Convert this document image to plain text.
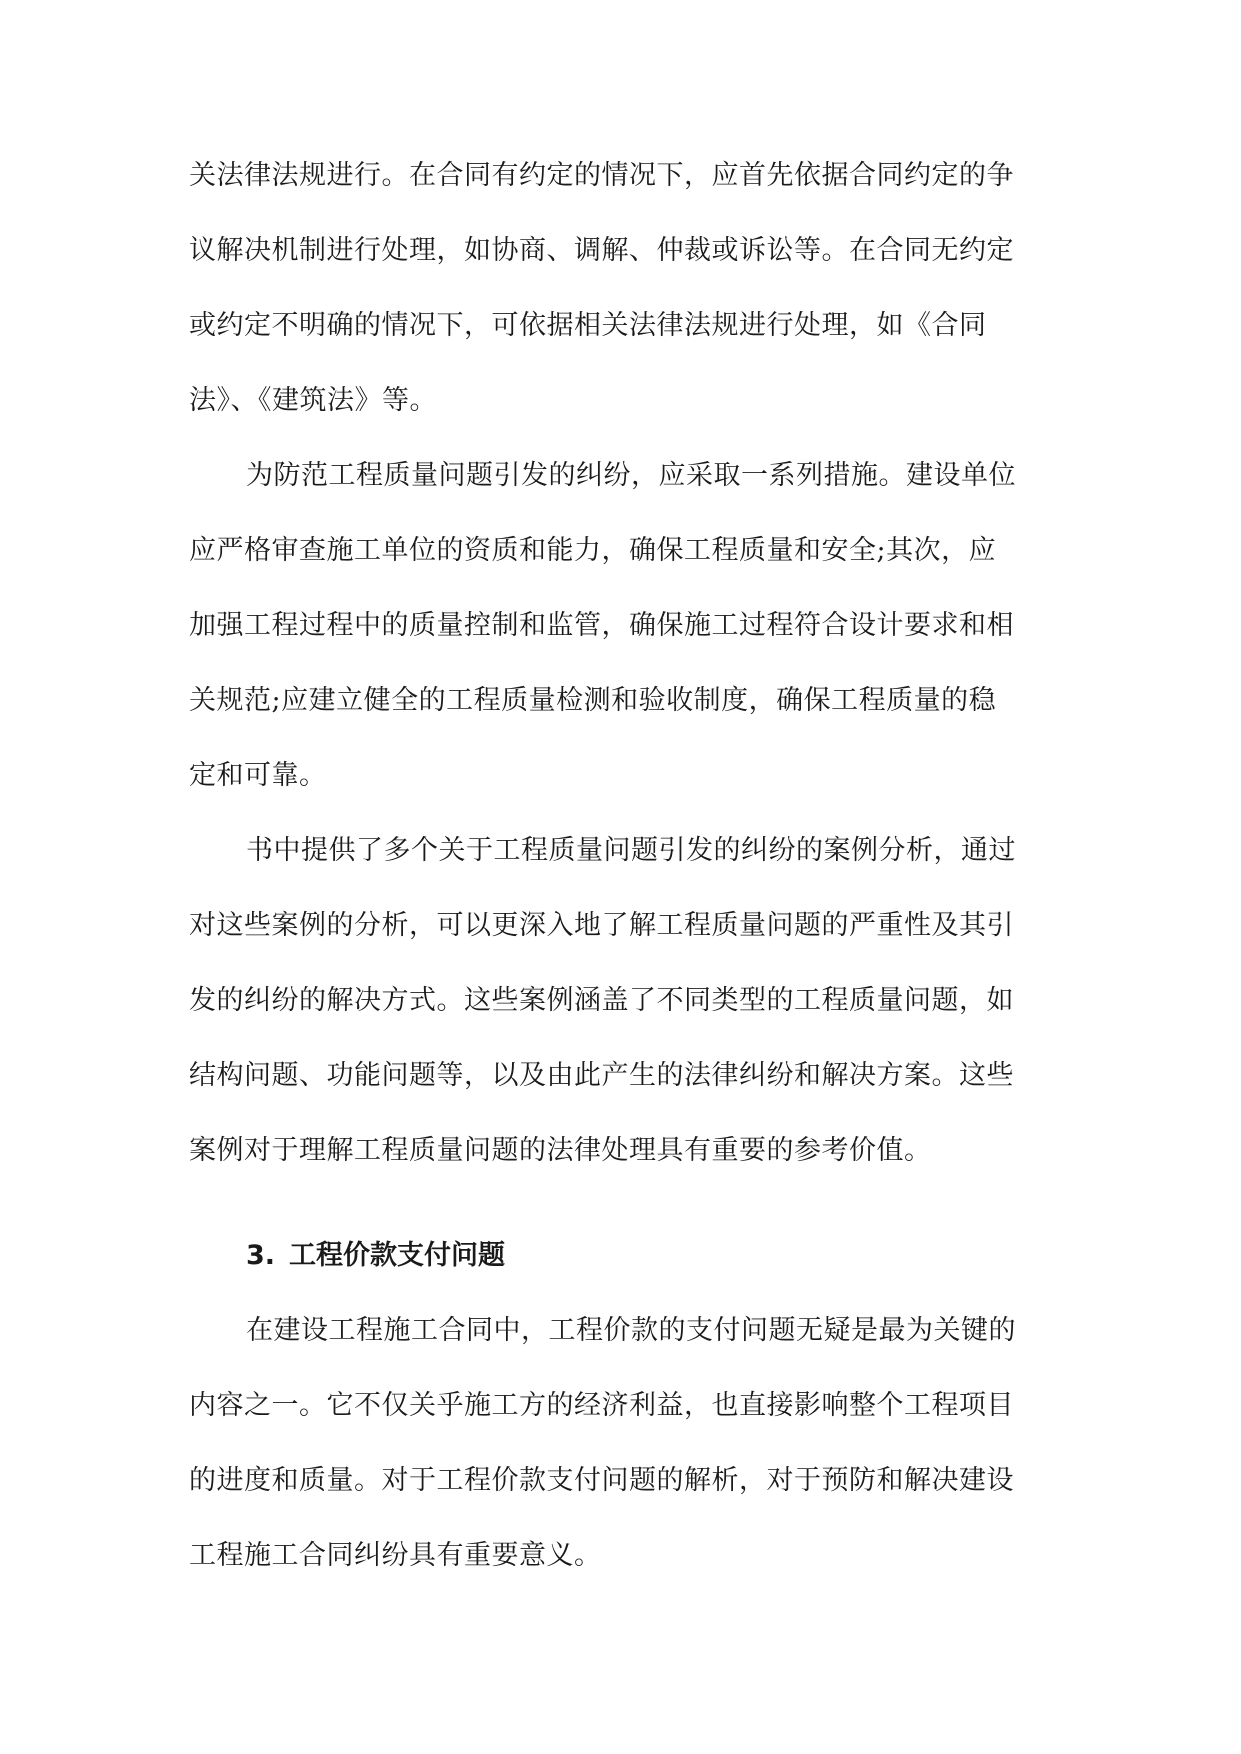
关法律法规进行。在合同有约定的情况下，应首先依据合同约定的争
议解决机制进行处理，如协商、调解、仲裁或诉讼等。在合同无约定
或约定不明确的情况下，可依据相关法律法规进行处理，如《合同
法》、《建筑法》等。
为防范工程质量问题引发的纠纷，应采取一系列措施。建设单位
应严格审查施工单位的资质和能力，确保工程质量和安全;其次，应
加强工程过程中的质量控制和监管，确保施工过程符合设计要求和相
关规范;应建立健全的工程质量检测和验收制度，确保工程质量的稳
定和可靠。
书中提供了多个关于工程质量问题引发的纠纷的案例分析，通过
对这些案例的分析，可以更深入地了解工程质量问题的严重性及其引
发的纠纷的解决方式。这些案例涵盖了不同类型的工程质量问题，如
结构问题、功能问题等，以及由此产生的法律纠纷和解决方案。这些
案例对于理解工程质量问题的法律处理具有重要的参考价值。
3. 工程价款支付问题
在建设工程施工合同中，工程价款的支付问题无疑是最为关键的
内容之一。它不仅关乎施工方的经济利益，也直接影响整个工程项目
的进度和质量。对于工程价款支付问题的解析，对于预防和解决建设
工程施工合同纠纷具有重要意义。
